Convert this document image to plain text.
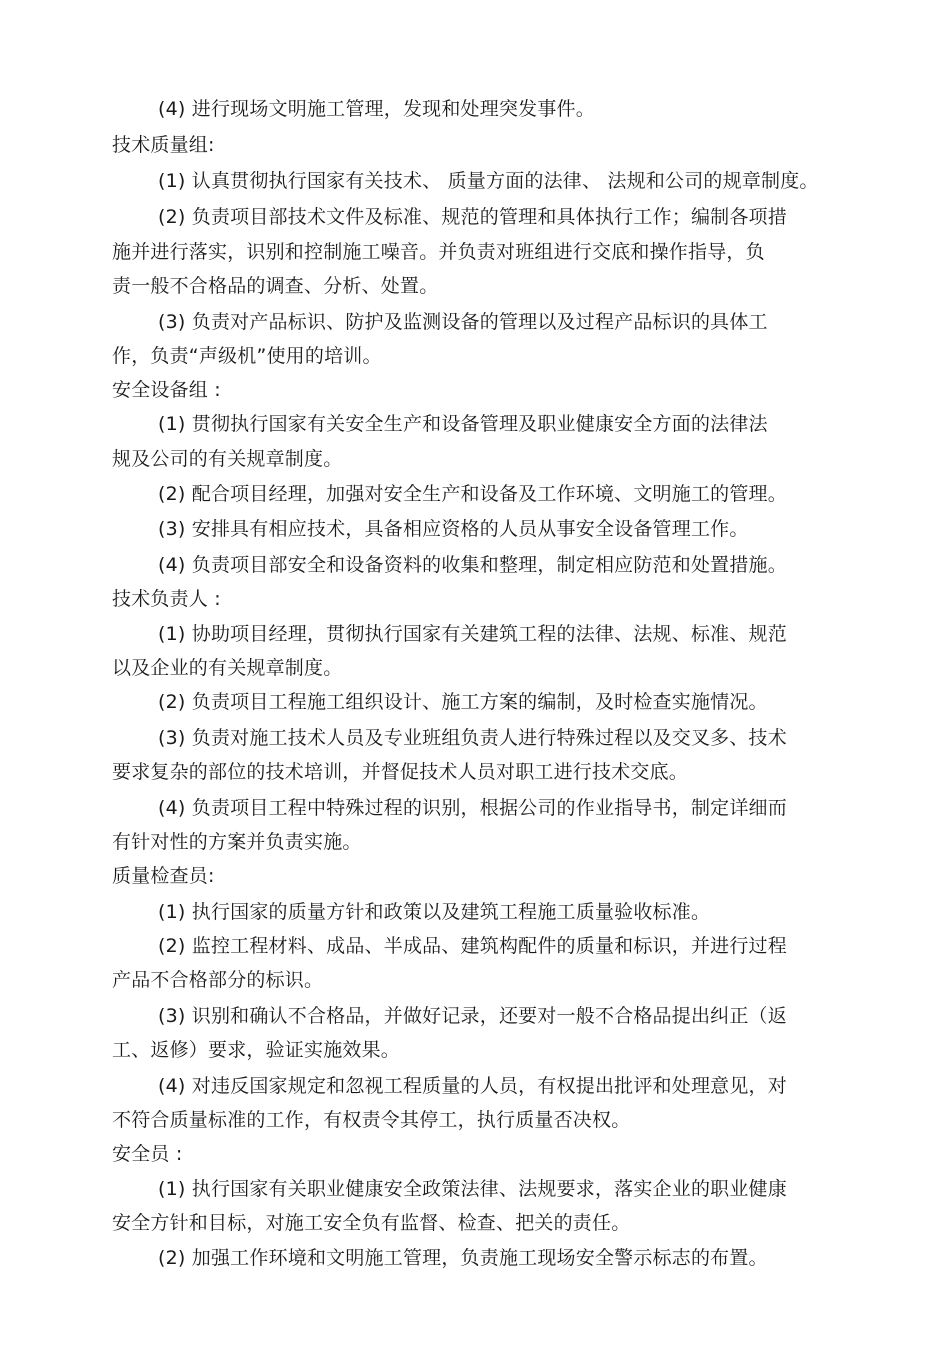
(4) 进行现场文明施工管理，发现和处理突发事件。
技术质量组:
(1) 认真贯彻执行国家有关技术、 质量方面的法律、 法规和公司的规章制度。
(2) 负责项目部技术文件及标准、规范的管理和具体执行工作；编制各项措
施并进行落实，识别和控制施工噪音。并负责对班组进行交底和操作指导，负
责一般不合格品的调查、分析、处置。
(3) 负责对产品标识、防护及监测设备的管理以及过程产品标识的具体工
作，负责“声级机”使用的培训。
安全设备组 :
(1) 贯彻执行国家有关安全生产和设备管理及职业健康安全方面的法律法
规及公司的有关规章制度。
(2) 配合项目经理，加强对安全生产和设备及工作环境、文明施工的管理。
(3) 安排具有相应技术，具备相应资格的人员从事安全设备管理工作。
(4) 负责项目部安全和设备资料的收集和整理，制定相应防范和处置措施。
技术负责人 :
(1) 协助项目经理，贯彻执行国家有关建筑工程的法律、法规、标准、规范
以及企业的有关规章制度。
(2) 负责项目工程施工组织设计、施工方案的编制，及时检查实施情况。
(3) 负责对施工技术人员及专业班组负责人进行特殊过程以及交叉多、技术
要求复杂的部位的技术培训，并督促技术人员对职工进行技术交底。
(4) 负责项目工程中特殊过程的识别，根据公司的作业指导书，制定详细而
有针对性的方案并负责实施。
质量检查员:
(1) 执行国家的质量方针和政策以及建筑工程施工质量验收标准。
(2) 监控工程材料、成品、半成品、建筑构配件的质量和标识，并进行过程
产品不合格部分的标识。
(3) 识别和确认不合格品，并做好记录，还要对一般不合格品提出纠正（返
工、返修）要求，验证实施效果。
(4) 对违反国家规定和忽视工程质量的人员，有权提出批评和处理意见，对
不符合质量标准的工作，有权责令其停工，执行质量否决权。
安全员 :
(1) 执行国家有关职业健康安全政策法律、法规要求，落实企业的职业健康
安全方针和目标，对施工安全负有监督、检查、把关的责任。
(2) 加强工作环境和文明施工管理，负责施工现场安全警示标志的布置。
